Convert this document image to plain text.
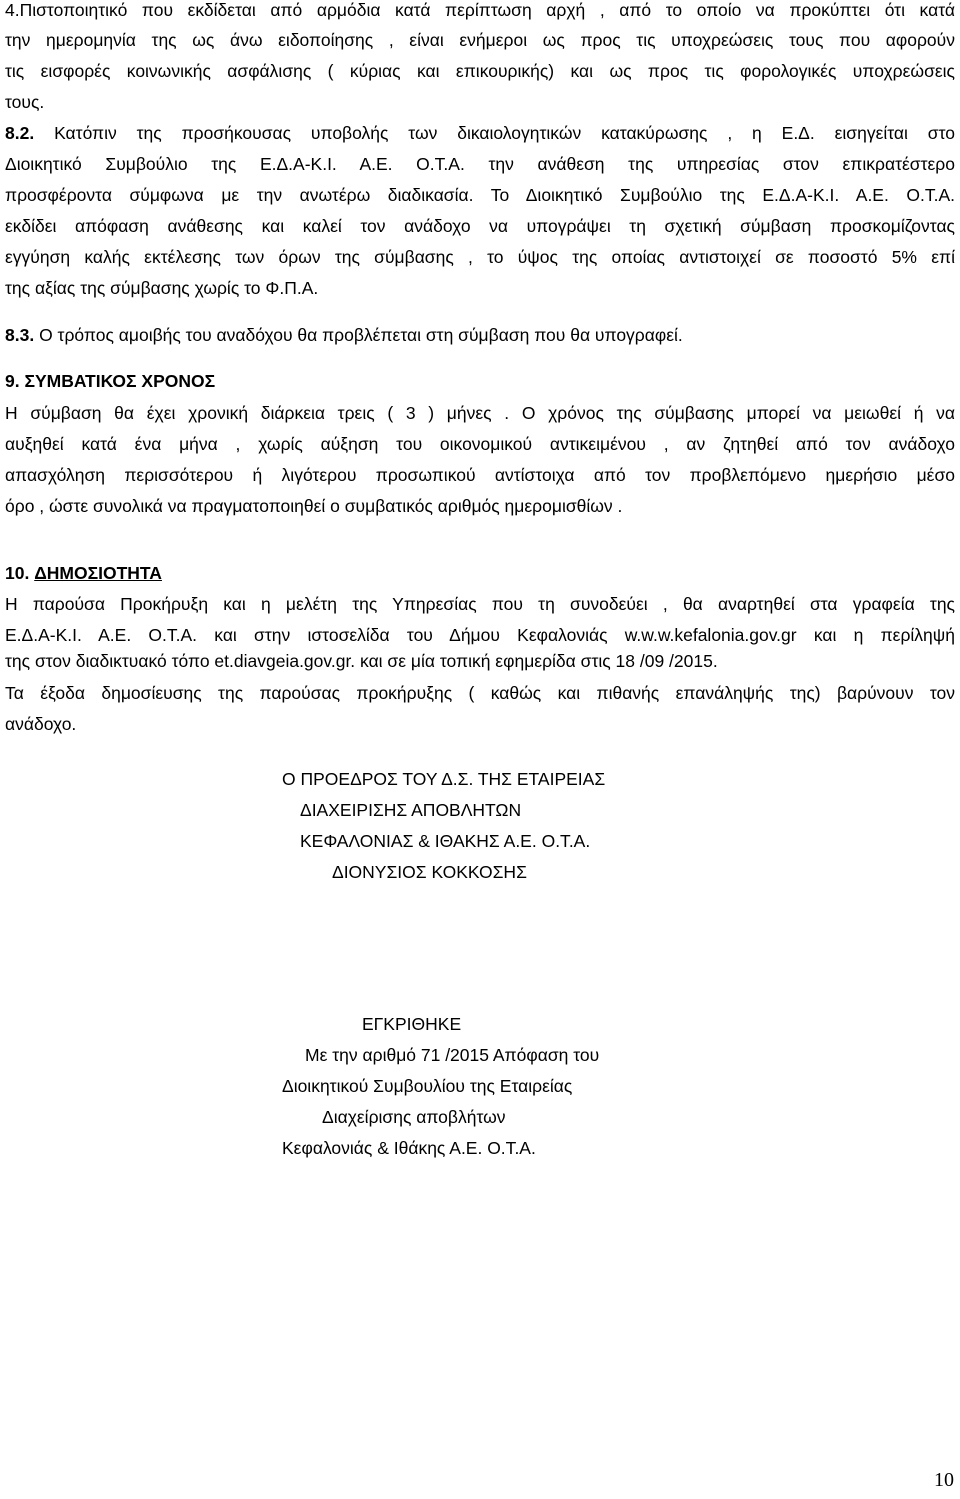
4.Πιστοποιητικό που εκδίδεται από αρμόδια κατά περίπτωση αρχή , από το οποίο να προκύπτει ότι κατά
την ημερομηνία της ως άνω ειδοποίησης , είναι ενήμεροι ως προς τις υποχρεώσεις τους που αφορούν
τις εισφορές κοινωνικής ασφάλισης ( κύριας και επικουρικής) και ως προς τις φορολογικές υποχρεώσεις
τους.
8.2. Κατόπιν της προσήκουσας υποβολής των δικαιολογητικών κατακύρωσης , η Ε.Δ. εισηγείται στο
Διοικητικό Συμβούλιο της Ε.Δ.Α-Κ.Ι. Α.Ε. Ο.Τ.Α. την ανάθεση της υπηρεσίας στον επικρατέστερο
προσφέροντα σύμφωνα με την ανωτέρω διαδικασία. Το Διοικητικό Συμβούλιο της Ε.Δ.Α-Κ.Ι. Α.Ε. Ο.Τ.Α.
εκδίδει απόφαση ανάθεσης και καλεί τον ανάδοχο να υπογράψει τη σχετική σύμβαση προσκομίζοντας
εγγύηση καλής εκτέλεσης των όρων της σύμβασης , το ύψος της οποίας αντιστοιχεί σε ποσοστό 5% επί
της αξίας της σύμβασης χωρίς το Φ.Π.Α.
8.3. Ο τρόπος αμοιβής του αναδόχου θα προβλέπεται στη σύμβαση που θα υπογραφεί.
9. ΣΥΜΒΑΤΙΚΟΣ ΧΡΟΝΟΣ
Η σύμβαση θα έχει χρονική διάρκεια τρεις ( 3 ) μήνες . Ο χρόνος της σύμβασης μπορεί να μειωθεί ή να
αυξηθεί κατά ένα μήνα , χωρίς αύξηση του οικονομικού αντικειμένου , αν ζητηθεί από τον ανάδοχο
απασχόληση περισσότερου ή λιγότερου προσωπικού αντίστοιχα από τον προβλεπόμενο ημερήσιο μέσο
όρο , ώστε συνολικά να πραγματοποιηθεί ο συμβατικός αριθμός ημερομισθίων .
10. ΔΗΜΟΣΙΟΤΗΤΑ
Η παρούσα Προκήρυξη και η μελέτη της Υπηρεσίας που τη συνοδεύει , θα αναρτηθεί στα γραφεία της
Ε.Δ.Α-Κ.Ι. Α.Ε. Ο.Τ.Α. και στην ιστοσελίδα του Δήμου Κεφαλονιάς w.w.w.kefalonia.gov.gr και η περίληψή
της στον διαδικτυακό τόπο et.diavgeia.gov.gr. και σε μία τοπική εφημερίδα στις 18 /09 /2015.
Τα έξοδα δημοσίευσης της παρούσας προκήρυξης ( καθώς και πιθανής επανάληψής της) βαρύνουν τον
ανάδοχο.
Ο ΠΡΟΕΔΡΟΣ ΤΟΥ Δ.Σ. ΤΗΣ ΕΤΑΙΡΕΙΑΣ
ΔΙΑΧΕΙΡΙΣΗΣ ΑΠΟΒΛΗΤΩΝ
ΚΕΦΑΛΟΝΙΑΣ & ΙΘΑΚΗΣ Α.Ε. Ο.Τ.Α.
ΔΙΟΝΥΣΙΟΣ ΚΟΚΚΟΣΗΣ
ΕΓΚΡΙΘΗΚΕ
Με την αριθμό 71 /2015 Απόφαση του
Διοικητικού Συμβουλίου της Εταιρείας
Διαχείρισης αποβλήτων
Κεφαλονιάς & Ιθάκης Α.Ε. Ο.Τ.Α.
10
